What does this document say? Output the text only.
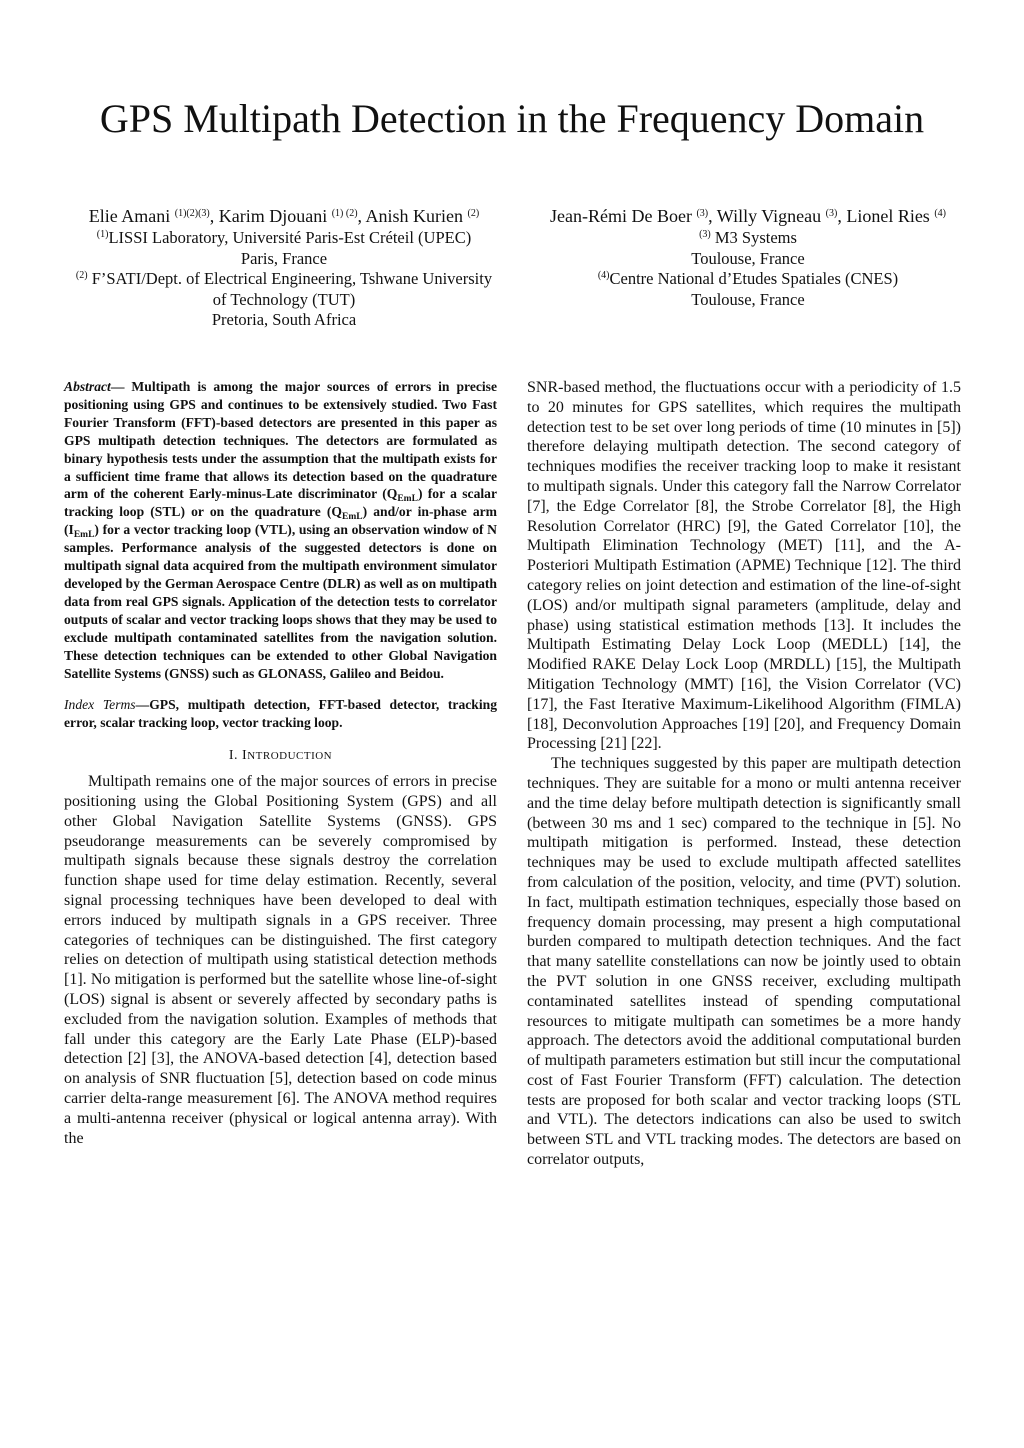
GPS Multipath Detection in the Frequency Domain
Elie Amani $^{(1)(2)(3)}$, Karim Djouani $^{(1) (2)}$, Anish Kurien $^{(2)}$
$^{(1)}$LISSI Laboratory, Université Paris-Est Créteil (UPEC)
Paris, France
$^{(2)}$ F’SATI/Dept. of Electrical Engineering, Tshwane University
of Technology (TUT)
Pretoria, South Africa
Jean-Rémi De Boer $^{(3)}$, Willy Vigneau $^{(3)}$, Lionel Ries $^{(4)}$
$^{(3)}$ M3 Systems
Toulouse, France
$^{(4)}$Centre National d’Etudes Spatiales (CNES)
Toulouse, France

Abstract— Multipath is among the major sources of errors in precise positioning using GPS and continues to be extensively studied. Two Fast Fourier Transform (FFT)-based detectors are presented in this paper as GPS multipath detection techniques. The detectors are formulated as binary hypothesis tests under the assumption that the multipath exists for a sufficient time frame that allows its detection based on the quadrature arm of the coherent Early-minus-Late discriminator $(Q_{EmL})$ for a scalar tracking loop (STL) or on the quadrature $(Q_{EmL})$ and/or in-phase arm $(I_{EmL})$ for a vector tracking loop (VTL), using an observation window of N samples. Performance analysis of the suggested detectors is done on multipath signal data acquired from the multipath environment simulator developed by the German Aerospace Centre (DLR) as well as on multipath data from real GPS signals. Application of the detection tests to correlator outputs of scalar and vector tracking loops shows that they may be used to exclude multipath contaminated satellites from the navigation solution. These detection techniques can be extended to other Global Navigation Satellite Systems (GNSS) such as GLONASS, Galileo and Beidou.

Index Terms—GPS, multipath detection, FFT-based detector, tracking error, scalar tracking loop, vector tracking loop.

I. INTRODUCTION

Multipath remains one of the major sources of errors in precise positioning using the Global Positioning System (GPS) and all other Global Navigation Satellite Systems (GNSS). GPS pseudorange measurements can be severely compromised by multipath signals because these signals destroy the correlation function shape used for time delay estimation. Recently, several signal processing techniques have been developed to deal with errors induced by multipath signals in a GPS receiver. Three categories of techniques can be distinguished. The first category relies on detection of multipath using statistical detection methods [1]. No mitigation is performed but the satellite whose line-of-sight (LOS) signal is absent or severely affected by secondary paths is excluded from the navigation solution. Examples of methods that fall under this category are the Early Late Phase (ELP)-based detection [2] [3], the ANOVA-based detection [4], detection based on analysis of SNR fluctuation [5], detection based on code minus carrier delta-range measurement [6]. The ANOVA method requires a multi-antenna receiver (physical or logical antenna array). With the

SNR-based method, the fluctuations occur with a periodicity of 1.5 to 20 minutes for GPS satellites, which requires the multipath detection test to be set over long periods of time (10 minutes in [5]) therefore delaying multipath detection. The second category of techniques modifies the receiver tracking loop to make it resistant to multipath signals. Under this category fall the Narrow Correlator [7], the Edge Correlator [8], the Strobe Correlator [8], the High Resolution Correlator (HRC) [9], the Gated Correlator [10], the Multipath Elimination Technology (MET) [11], and the A-Posteriori Multipath Estimation (APME) Technique [12]. The third category relies on joint detection and estimation of the line-of-sight (LOS) and/or multipath signal parameters (amplitude, delay and phase) using statistical estimation methods [13]. It includes the Multipath Estimating Delay Lock Loop (MEDLL) [14], the Modified RAKE Delay Lock Loop (MRDLL) [15], the Multipath Mitigation Technology (MMT) [16], the Vision Correlator (VC) [17], the Fast Iterative Maximum-Likelihood Algorithm (FIMLA) [18], Deconvolution Approaches [19] [20], and Frequency Domain Processing [21] [22].

The techniques suggested by this paper are multipath detection techniques. They are suitable for a mono or multi antenna receiver and the time delay before multipath detection is significantly small (between 30 ms and 1 sec) compared to the technique in [5]. No multipath mitigation is performed. Instead, these detection techniques may be used to exclude multipath affected satellites from calculation of the position, velocity, and time (PVT) solution. In fact, multipath estimation techniques, especially those based on frequency domain processing, may present a high computational burden compared to multipath detection techniques. And the fact that many satellite constellations can now be jointly used to obtain the PVT solution in one GNSS receiver, excluding multipath contaminated satellites instead of spending computational resources to mitigate multipath can sometimes be a more handy approach. The detectors avoid the additional computational burden of multipath parameters estimation but still incur the computational cost of Fast Fourier Transform (FFT) calculation. The detection tests are proposed for both scalar and vector tracking loops (STL and VTL). The detectors indications can also be used to switch between STL and VTL tracking modes. The detectors are based on correlator outputs,
